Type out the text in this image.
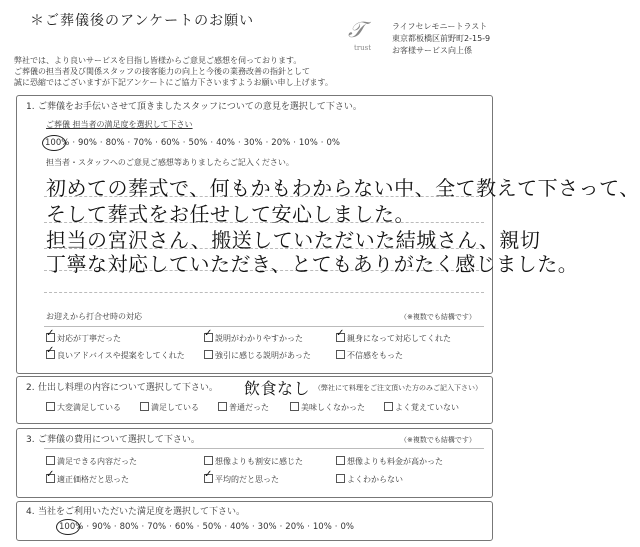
＊ご葬儀後のアンケートのお願い	𝒯
trust
ライフセレモニートラスト
東京都板橋区前野町2-15-9
お客様サービス向上係
弊社では、より良いサービスを目指し皆様からご意見ご感想を伺っております。
ご葬儀の担当者及び関係スタッフの接客能力の向上と今後の業務改善の指針として
誠に恐縮ではございますが下記アンケートにご協力下さいますようお願い申し上げます。
1. ご葬儀をお手伝いさせて頂きましたスタッフについての意見を選択して下さい。
ご葬儀 担当者の満足度を選択して下さい
100% · 90% · 80% · 70% · 60% · 50% · 40% · 30% · 20% · 10% · 0%
担当者・スタッフへのご意見ご感想等ありましたらご記入ください。
初めての葬式で、何もかもわからない中、全て教えて下さって、
そして葬式をお任せして安心しました。
担当の宮沢さん、搬送していただいた結城さん、親切
丁寧な対応していただき、とてもありがたく感じました。
お迎えから打合せ時の対応	（※複数でも結構です）
✓対応が丁寧だった ✓	説明がわかりやすかった ✓	親身になって対応してくれた
✓良いアドバイスや提案をしてくれた	強引に感じる説明があった	不信感をもった
2. 仕出し料理の内容について選択して下さい。 飲食なし （弊社にて料理をご注文頂いた方のみご記入下さい）
大変満足している	満足している	普通だった	美味しくなかった	よく覚えていない
3. ご葬儀の費用について選択して下さい。	（※複数でも結構です）
満足できる内容だった	想像よりも割安に感じた	想像よりも料金が高かった
✓適正価格だと思った ✓	平均的だと思った	よくわからない
4. 当社をご利用いただいた満足度を選択して下さい。
100% · 90% · 80% · 70% · 60% · 50% · 40% · 30% · 20% · 10% · 0%
